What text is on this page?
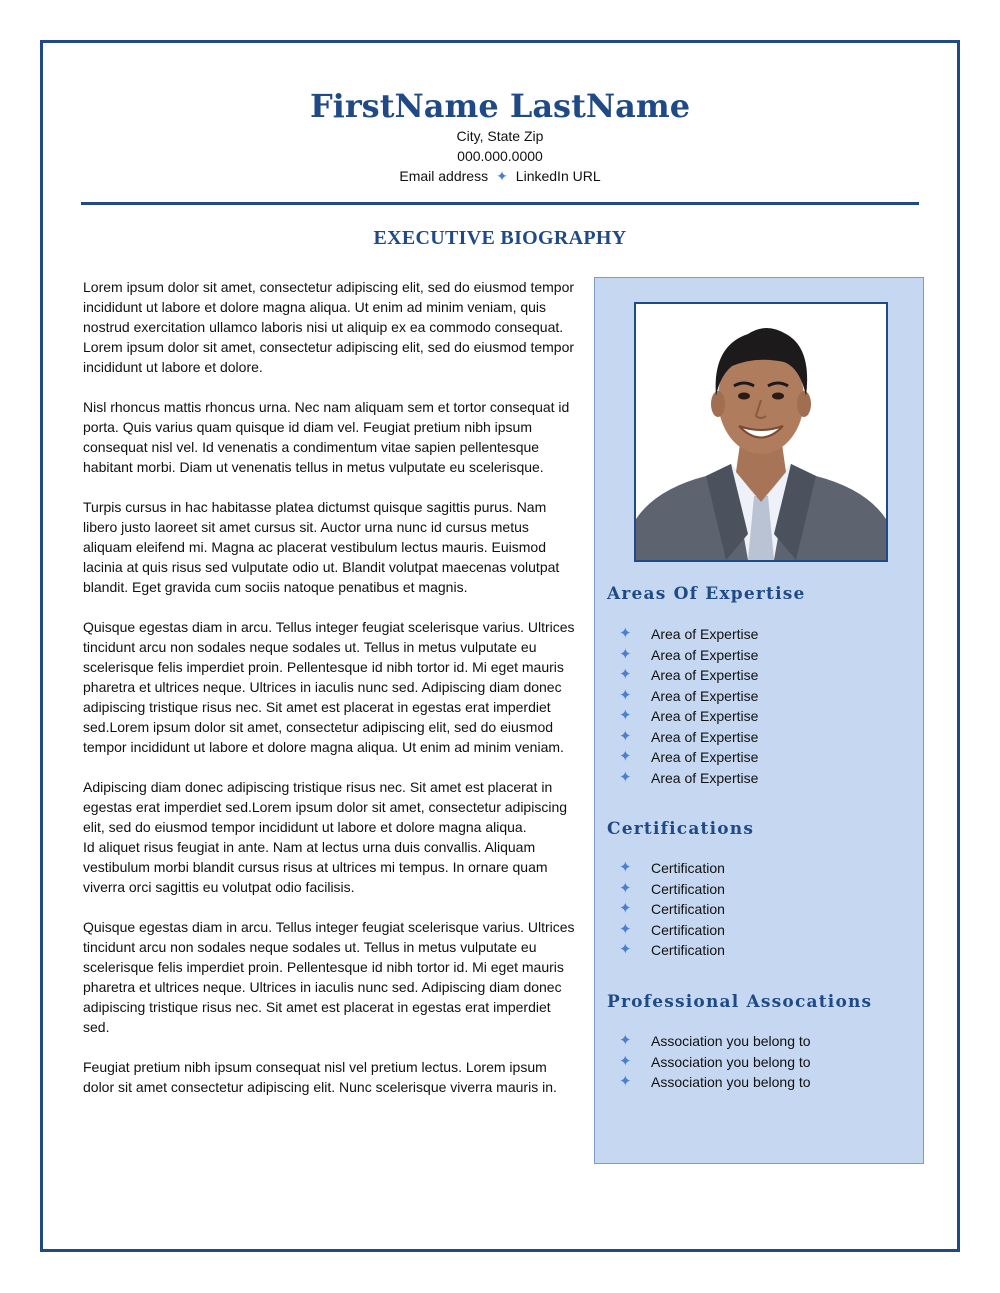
FirstName LastName
City, State Zip
000.000.0000
Email address ✦ LinkedIn URL
EXECUTIVE BIOGRAPHY

Lorem ipsum dolor sit amet, consectetur adipiscing elit, sed do eiusmod tempor incididunt ut labore et dolore magna aliqua. Ut enim ad minim veniam, quis nostrud exercitation ullamco laboris nisi ut aliquip ex ea commodo consequat. Lorem ipsum dolor sit amet, consectetur adipiscing elit, sed do eiusmod tempor incididunt ut labore et dolore.

Nisl rhoncus mattis rhoncus urna. Nec nam aliquam sem et tortor consequat id porta. Quis varius quam quisque id diam vel. Feugiat pretium nibh ipsum consequat nisl vel. Id venenatis a condimentum vitae sapien pellentesque habitant morbi. Diam ut venenatis tellus in metus vulputate eu scelerisque.

Turpis cursus in hac habitasse platea dictumst quisque sagittis purus. Nam libero justo laoreet sit amet cursus sit. Auctor urna nunc id cursus metus aliquam eleifend mi. Magna ac placerat vestibulum lectus mauris. Euismod lacinia at quis risus sed vulputate odio ut. Blandit volutpat maecenas volutpat blandit. Eget gravida cum sociis natoque penatibus et magnis.

Quisque egestas diam in arcu. Tellus integer feugiat scelerisque varius. Ultrices tincidunt arcu non sodales neque sodales ut. Tellus in metus vulputate eu scelerisque felis imperdiet proin. Pellentesque id nibh tortor id. Mi eget mauris pharetra et ultrices neque. Ultrices in iaculis nunc sed. Adipiscing diam donec adipiscing tristique risus nec. Sit amet est placerat in egestas erat imperdiet sed.Lorem ipsum dolor sit amet, consectetur adipiscing elit, sed do eiusmod tempor incididunt ut labore et dolore magna aliqua. Ut enim ad minim veniam.

Adipiscing diam donec adipiscing tristique risus nec. Sit amet est placerat in egestas erat imperdiet sed.Lorem ipsum dolor sit amet, consectetur adipiscing elit, sed do eiusmod tempor incididunt ut labore et dolore magna aliqua.
Id aliquet risus feugiat in ante. Nam at lectus urna duis convallis. Aliquam vestibulum morbi blandit cursus risus at ultrices mi tempus. In ornare quam viverra orci sagittis eu volutpat odio facilisis.

Quisque egestas diam in arcu. Tellus integer feugiat scelerisque varius. Ultrices tincidunt arcu non sodales neque sodales ut. Tellus in metus vulputate eu scelerisque felis imperdiet proin. Pellentesque id nibh tortor id. Mi eget mauris pharetra et ultrices neque. Ultrices in iaculis nunc sed. Adipiscing diam donec adipiscing tristique risus nec. Sit amet est placerat in egestas erat imperdiet sed.

Feugiat pretium nibh ipsum consequat nisl vel pretium lectus. Lorem ipsum dolor sit amet consectetur adipiscing elit. Nunc scelerisque viverra mauris in.

Areas Of Expertise
✦	Area of Expertise
✦	Area of Expertise
✦	Area of Expertise
✦	Area of Expertise
✦	Area of Expertise
✦	Area of Expertise
✦	Area of Expertise
✦	Area of Expertise
Certifications
✦	Certification
✦	Certification
✦	Certification
✦	Certification
✦	Certification
Professional Assocations
✦	Association you belong to
✦	Association you belong to
✦	Association you belong to
